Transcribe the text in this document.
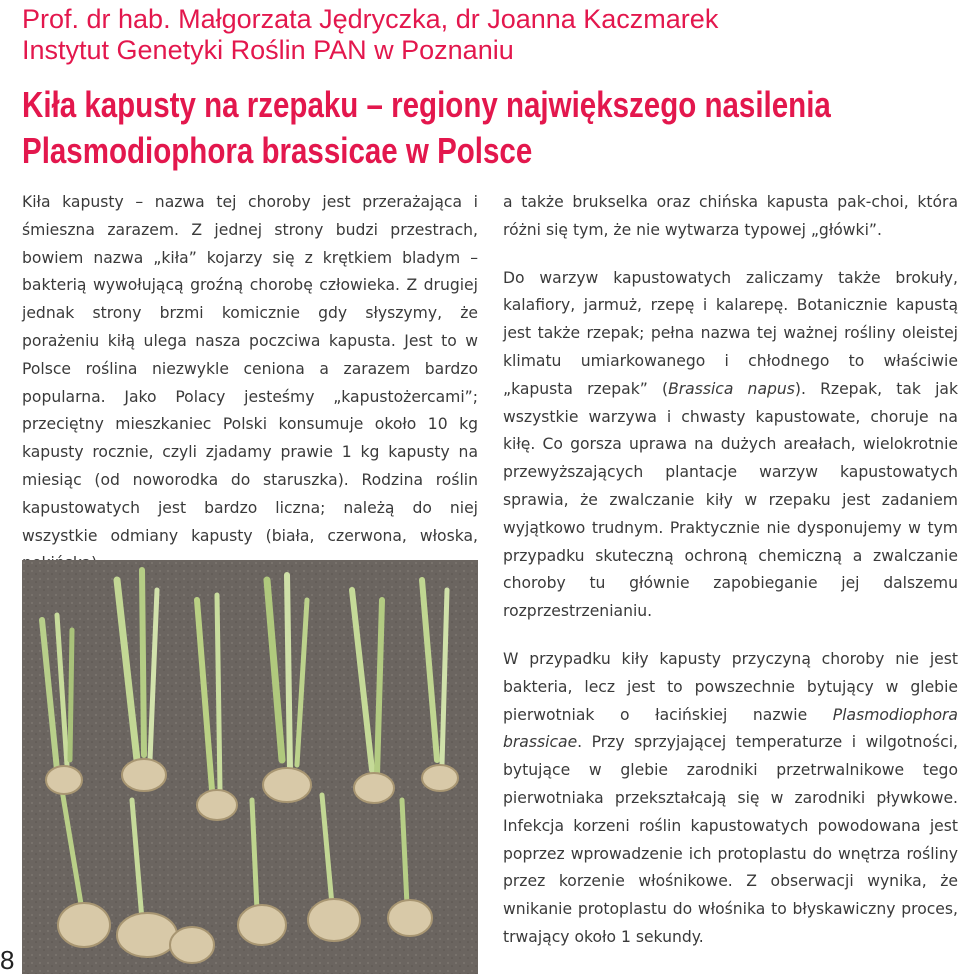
Prof. dr hab. Małgorzata Jędryczka, dr Joanna Kaczmarek
Instytut Genetyki Roślin PAN w Poznaniu
Kiła kapusty na rzepaku – regiony największego nasilenia
Plasmodiophora brassicae w Polsce

Kiła kapusty – nazwa tej choroby jest przerażająca i śmieszna zarazem. Z jednej strony budzi przestrach, bowiem nazwa „kiła” kojarzy się z krętkiem bladym – bakterią wywołującą groźną chorobę człowieka. Z drugiej jednak strony brzmi komicznie gdy słyszymy, że porażeniu kiłą ulega nasza poczciwa kapusta. Jest to w Polsce roślina niezwykle ceniona a zarazem bardzo popularna. Jako Polacy jesteśmy „kapustożercami”; przeciętny mieszkaniec Polski konsumuje około 10 kg kapusty rocznie, czyli zjadamy prawie 1 kg kapusty na miesiąc (od noworodka do staruszka). Rodzina roślin kapustowatych jest bardzo liczna; należą do niej wszystkie odmiany kapusty (biała, czerwona, włoska,

a także brukselka oraz chińska kapusta pak-choi, która różni się tym, że nie wytwarza typowej „główki”.

Do warzyw kapustowatych zaliczamy także brokuły, kalafiory, jarmuż, rzepę i kalarepę. Botanicznie kapustą jest także rzepak; pełna nazwa tej ważnej rośliny oleistej klimatu umiarkowanego i chłodnego to właściwie „kapusta rzepak” (Brassica napus). Rzepak, tak jak wszystkie warzywa i chwasty kapustowate, choruje na kiłę. Co gorsza uprawa na dużych areałach, wielokrotnie przewyższających plantacje warzyw kapustowatych sprawia, że zwalczanie kiły w rzepaku jest zadaniem wyjątkowo trudnym. Praktycznie nie dysponujemy w tym przypadku skuteczną ochroną chemiczną a zwalczanie choroby tu głównie zapobieganie jej dalszemu rozprzestrzenianiu.

W przypadku kiły kapusty przyczyną choroby nie jest bakteria, lecz jest to powszechnie bytujący w glebie pierwotniak o łacińskiej nazwie Plasmodiophora brassicae. Przy sprzyjającej temperaturze i wilgotności, bytujące w glebie zarodniki przetrwalnikowe tego pierwotniaka przekształcają się w zarodniki pływkowe. Infekcja korzeni roślin kapustowatych powodowana jest poprzez wprowadzenie ich protoplastu do wnętrza rośliny przez korzenie włośnikowe. Z obserwacji wynika, że wnikanie protoplastu do włośnika to błyskawiczny proces, trwający około 1 sekundy.

8
